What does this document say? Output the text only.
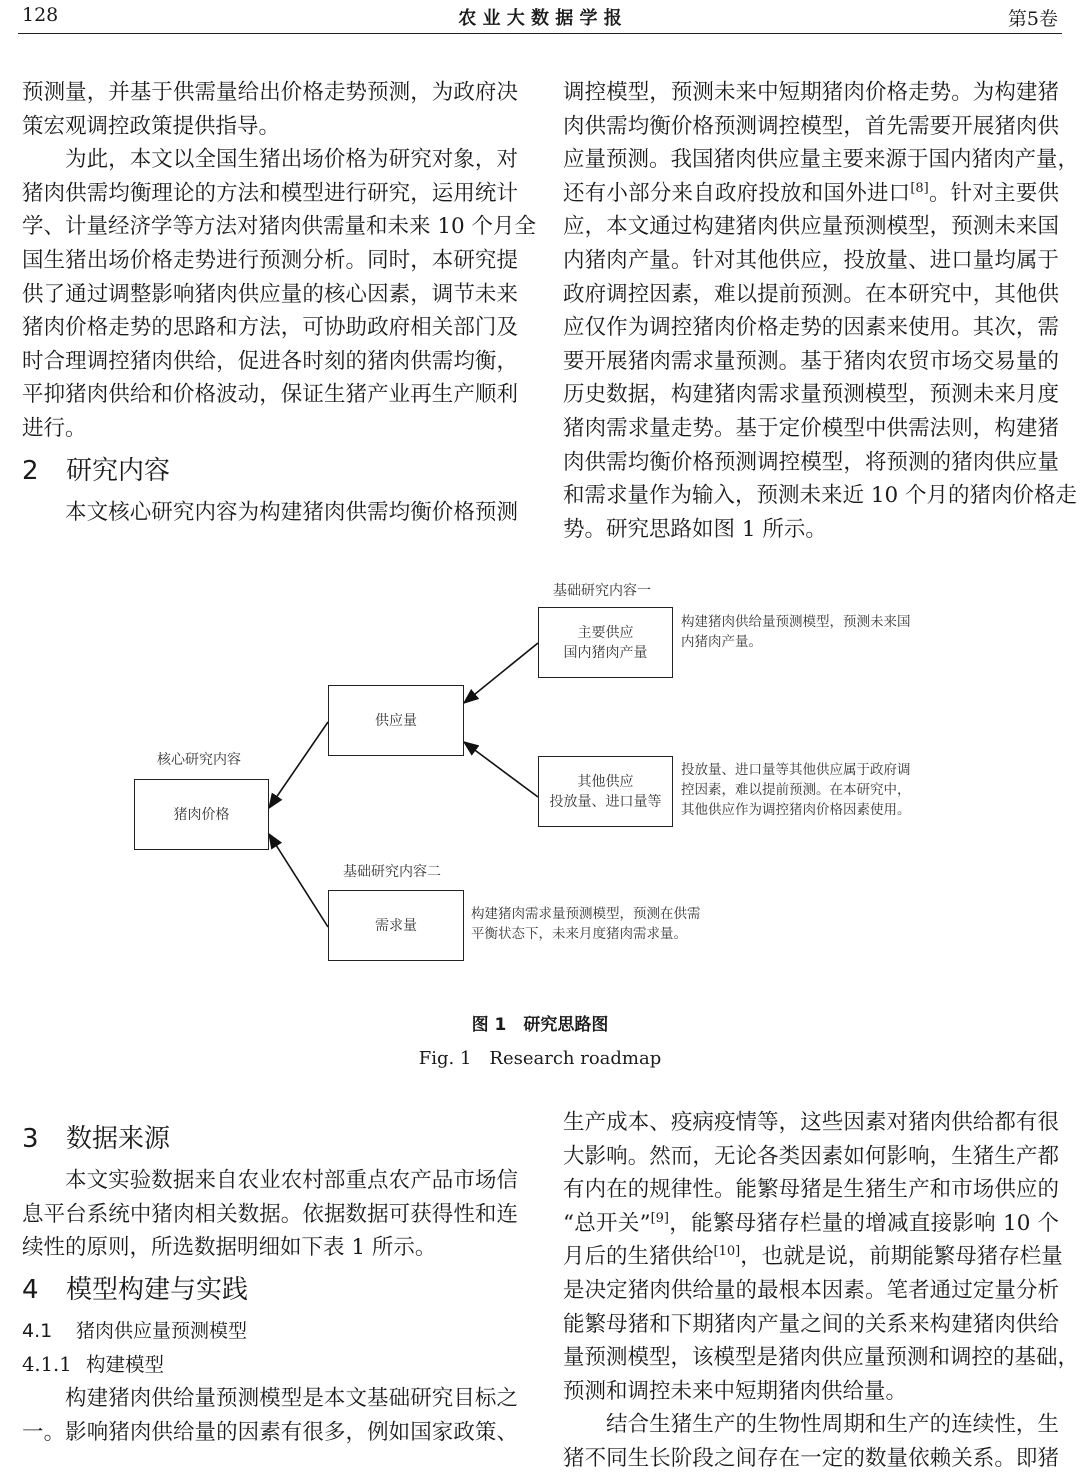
128	农 业 大 数 据 学 报	第5卷
预测量，并基于供需量给出价格走势预测，为政府决
策宏观调控政策提供指导。
为此，本文以全国生猪出场价格为研究对象，对
猪肉供需均衡理论的方法和模型进行研究，运用统计
学、计量经济学等方法对猪肉供需量和未来 10 个月全
国生猪出场价格走势进行预测分析。同时，本研究提
供了通过调整影响猪肉供应量的核心因素，调节未来
猪肉价格走势的思路和方法，可协助政府相关部门及
时合理调控猪肉供给，促进各时刻的猪肉供需均衡，
平抑猪肉供给和价格波动，保证生猪产业再生产顺利
进行。
2 研究内容
本文核心研究内容为构建猪肉供需均衡价格预测
调控模型，预测未来中短期猪肉价格走势。为构建猪
肉供需均衡价格预测调控模型，首先需要开展猪肉供
应量预测。我国猪肉供应量主要来源于国内猪肉产量，
还有小部分来自政府投放和国外进口[8]。针对主要供
应，本文通过构建猪肉供应量预测模型，预测未来国
内猪肉产量。针对其他供应，投放量、进口量均属于
政府调控因素，难以提前预测。在本研究中，其他供
应仅作为调控猪肉价格走势的因素来使用。其次，需
要开展猪肉需求量预测。基于猪肉农贸市场交易量的
历史数据，构建猪肉需求量预测模型，预测未来月度
猪肉需求量走势。基于定价模型中供需法则，构建猪
肉供需均衡价格预测调控模型，将预测的猪肉供应量
和需求量作为输入，预测未来近 10 个月的猪肉价格走
势。研究思路如图 1 所示。
基础研究内容一
核心研究内容
基础研究内容二
主要供应
国内猪肉产量
供应量
猪肉价格
其他供应
投放量、进口量等
需求量
构建猪肉供给量预测模型，预测未来国
内猪肉产量。
投放量、进口量等其他供应属于政府调
控因素，难以提前预测。在本研究中，
其他供应作为调控猪肉价格因素使用。
构建猪肉需求量预测模型，预测在供需
平衡状态下，未来月度猪肉需求量。
图 1　研究思路图
Fig. 1　Research roadmap
3 数据来源
本文实验数据来自农业农村部重点农产品市场信
息平台系统中猪肉相关数据。依据数据可获得性和连
续性的原则，所选数据明细如下表 1 所示。
4 模型构建与实践
4.1 猪肉供应量预测模型
4.1.1 构建模型
构建猪肉供给量预测模型是本文基础研究目标之
一。影响猪肉供给量的因素有很多，例如国家政策、
生产成本、疫病疫情等，这些因素对猪肉供给都有很
大影响。然而，无论各类因素如何影响，生猪生产都
有内在的规律性。能繁母猪是生猪生产和市场供应的
“总开关”[9]，能繁母猪存栏量的增减直接影响 10 个
月后的生猪供给[10]，也就是说，前期能繁母猪存栏量
是决定猪肉供给量的最根本因素。笔者通过定量分析
能繁母猪和下期猪肉产量之间的关系来构建猪肉供给
量预测模型，该模型是猪肉供应量预测和调控的基础，
预测和调控未来中短期猪肉供给量。
结合生猪生产的生物性周期和生产的连续性，生
猪不同生长阶段之间存在一定的数量依赖关系。即猪
